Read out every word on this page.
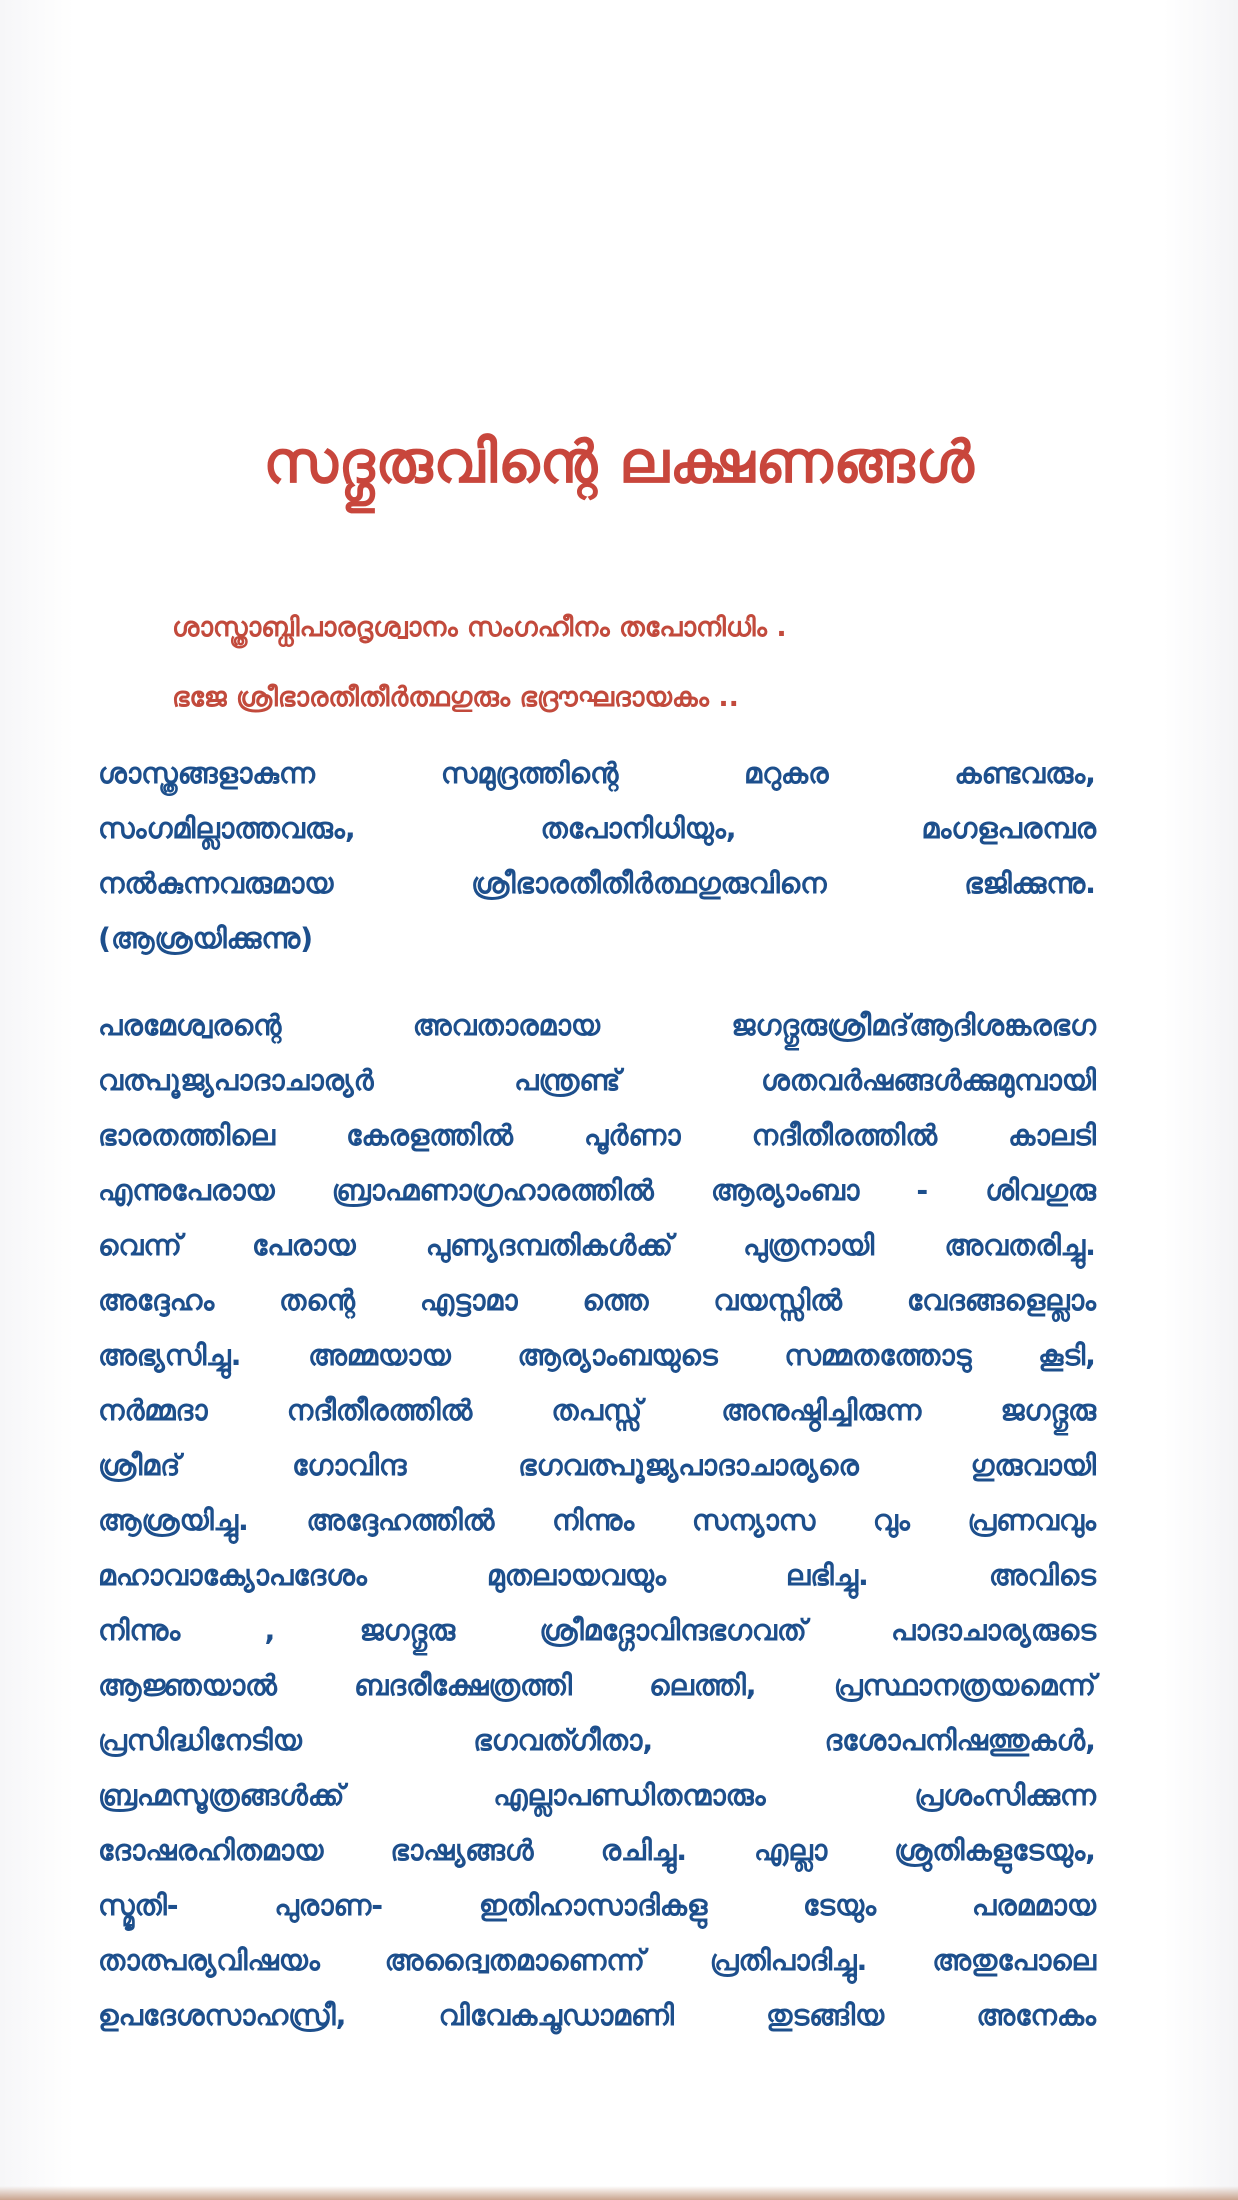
സദ്ഗുരുവിന്റെ ലക്ഷണങ്ങൾ

ശാസ്ത്രാബ്ധിപാരദൃശ്വാനം സംഗഹീനം തപോനിധിം .

ഭജേ ശ്രീഭാരതീതീർത്ഥഗുരും ഭദ്രൗഘദായകം ..

ശാസ്ത്രങ്ങളാകുന്ന	സമുദ്രത്തിന്റെ	മറുകര	കണ്ടവരും,
സംഗമില്ലാത്തവരും,	തപോനിധിയും,	മംഗളപരമ്പര
നൽകുന്നവരുമായ	ശ്രീഭാരതീതീർത്ഥഗുരുവിനെ	ഭജിക്കുന്നു.
(ആശ്രയിക്കുന്നു)
പരമേശ്വരന്റെ	അവതാരമായ	ജഗദ്ഗുരുശ്രീമദ്ആദിശങ്കരഭഗ
വത്പൂജ്യപാദാചാര്യർ	പന്ത്രണ്ട്	ശതവർഷങ്ങൾക്കുമുമ്പായി
ഭാരതത്തിലെ കേരളത്തിൽ പൂർണാ നദീതീരത്തിൽ കാലടി
എന്നുപേരായ ബ്രാഹ്മണാഗ്രഹാരത്തിൽ ആര്യാംബാ - ശിവഗുരു
വെന്ന് പേരായ പുണ്യദമ്പതികൾക്ക് പുത്രനായി അവതരിച്ചു.
അദ്ദേഹം തന്റെ എട്ടാമാ ത്തെ വയസ്സിൽ വേദങ്ങളെല്ലാം
അഭ്യസിച്ചു. അമ്മയായ ആര്യാംബയുടെ സമ്മതത്തോടു കൂടി,
നർമ്മദാ	നദീതീരത്തിൽ	തപസ്സ്	അനുഷ്ഠിച്ചിരുന്ന	ജഗദ്ഗുരു
ശ്രീമദ്	ഗോവിന്ദ	ഭഗവത്പൂജ്യപാദാചാര്യരെ	ഗുരുവായി
ആശ്രയിച്ചു. അദ്ദേഹത്തിൽ നിന്നും സന്യാസ വും പ്രണവവും
മഹാവാക്യോപദേശം	മുതലായവയും	ലഭിച്ചു.	അവിടെ
നിന്നും	,	ജഗദ്ഗുരു	ശ്രീമദ്ഗോവിന്ദഭഗവത്	പാദാചാര്യരുടെ
ആജ്ഞയാൽ	ബദരീക്ഷേത്രത്തി	ലെത്തി,	പ്രസ്ഥാനത്രയമെന്ന്
പ്രസിദ്ധിനേടിയ	ഭഗവത്ഗീതാ,	ദശോപനിഷത്തുകൾ,
ബ്രഹ്മസൂത്രങ്ങൾക്ക്	എല്ലാപണ്ഡിതന്മാരും	പ്രശംസിക്കുന്ന
ദോഷരഹിതമായ ഭാഷ്യങ്ങൾ രചിച്ചു. എല്ലാ ശ്രുതികളുടേയും,
സ്മൃതി-	പുരാണ-	ഇതിഹാസാദികളു	ടേയും	പരമമായ
താത്പര്യവിഷയം അദ്വൈതമാണെന്ന് പ്രതിപാദിച്ചു. അതുപോലെ
ഉപദേശസാഹസ്രീ,	വിവേകചൂഡാമണി	തുടങ്ങിയ	അനേകം
